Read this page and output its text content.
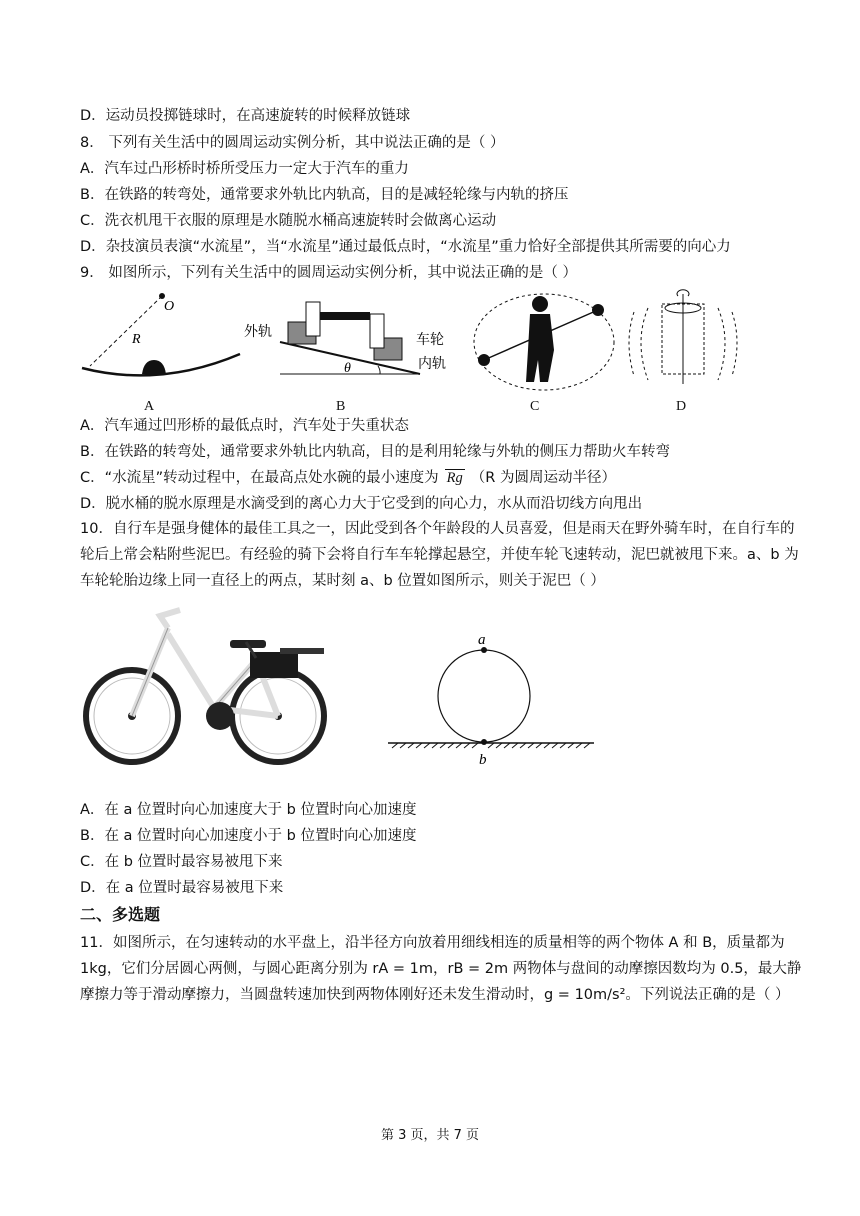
D．运动员投掷链球时，在高速旋转的时候释放链球
8． 下列有关生活中的圆周运动实例分析，其中说法正确的是（ ）
A．汽车过凸形桥时桥所受压力一定大于汽车的重力
B．在铁路的转弯处，通常要求外轨比内轨高，目的是减轻轮缘与内轨的挤压
C．洗衣机甩干衣服的原理是水随脱水桶高速旋转时会做离心运动
D．杂技演员表演“水流星”，当“水流星”通过最低点时，“水流星”重力恰好全部提供其所需要的向心力
9． 如图所示，下列有关生活中的圆周运动实例分析，其中说法正确的是（ ）
O
R
A
外轨	车轮
内轨
θ
B	C	D
A．汽车通过凹形桥的最低点时，汽车处于失重状态
B．在铁路的转弯处，通常要求外轨比内轨高，目的是利用轮缘与外轨的侧压力帮助火车转弯
C．“水流星”转动过程中，在最高点处水碗的最小速度为 Rg （R 为圆周运动半径）
D．脱水桶的脱水原理是水滴受到的离心力大于它受到的向心力，水从而沿切线方向甩出
10．自行车是强身健体的最佳工具之一，因此受到各个年龄段的人员喜爱，但是雨天在野外骑车时，在自行车的轮后上常会粘附些泥巴。有经验的骑下会将自行车车轮撑起悬空，并使车轮飞速转动，泥巴就被甩下来。a、b 为车轮轮胎边缘上同一直径上的两点，某时刻 a、b 位置如图所示，则关于泥巴（ ）
a
b
A．在 a 位置时向心加速度大于 b 位置时向心加速度
B．在 a 位置时向心加速度小于 b 位置时向心加速度
C．在 b 位置时最容易被甩下来
D．在 a 位置时最容易被甩下来
二、多选题
11．如图所示，在匀速转动的水平盘上，沿半径方向放着用细线相连的质量相等的两个物体 A 和 B，质量都为 1kg，它们分居圆心两侧，与圆心距离分别为 rA = 1m，rB = 2m 两物体与盘间的动摩擦因数均为 0.5，最大静摩擦力等于滑动摩擦力，当圆盘转速加快到两物体刚好还未发生滑动时，g = 10m/s²。下列说法正确的是（ ）
第 3 页，共 7 页
